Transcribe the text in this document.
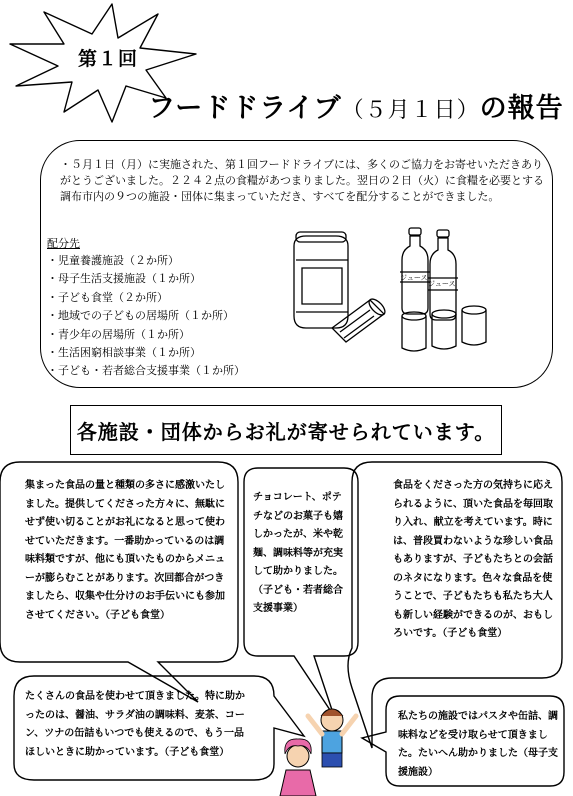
第１回
フードドライブ（５月１日）の報告
・５月１日（月）に実施された、第１回フードドライブには、多くのご協力をお寄せいただきありがとうございました。２２４２点の食糧があつまりました。翌日の２日（火）に食糧を必要とする調布市内の９つの施設・団体に集まっていただき、すべてを配分することができました。
配分先
・児童養護施設（２か所）
・母子生活支援施設（１か所）
・子ども食堂（２か所）
・地域での子どもの居場所（１か所）
・青少年の居場所（１か所）
・生活困窮相談事業（１か所）
・子ども・若者総合支援事業（１か所）
ジュース
ジュース
各施設・団体からお礼が寄せられています。
集まった食品の量と種類の多さに感激いたしました。提供してくださった方々に、無駄にせず使い切ることがお礼になると思って使わせていただきます。一番助かっているのは調味料類ですが、他にも頂いたものからメニューが膨らむことがあります。次回都合がつきましたら、収集や仕分けのお手伝いにも参加させてください。（子ども食堂）
チョコレート、ポテチなどのお菓子も嬉しかったが、米や乾麺、調味料等が充実して助かりました。（子ども・若者総合支援事業）
食品をくださった方の気持ちに応えられるように、頂いた食品を毎回取り入れ、献立を考えています。時には、普段買わないような珍しい食品もありますが、子どもたちとの会話のネタになります。色々な食品を使うことで、子どもたちも私たち大人も新しい経験ができるのが、おもしろいです。（子ども食堂）
たくさんの食品を使わせて頂きました。特に助かったのは、醤油、サラダ油の調味料、麦茶、コーン、ツナの缶詰もいつでも使えるので、もう一品ほしいときに助かっています。（子ども食堂）
私たちの施設ではパスタや缶詰、調味料などを受け取らせて頂きました。たいへん助かりました（母子支援施設）
